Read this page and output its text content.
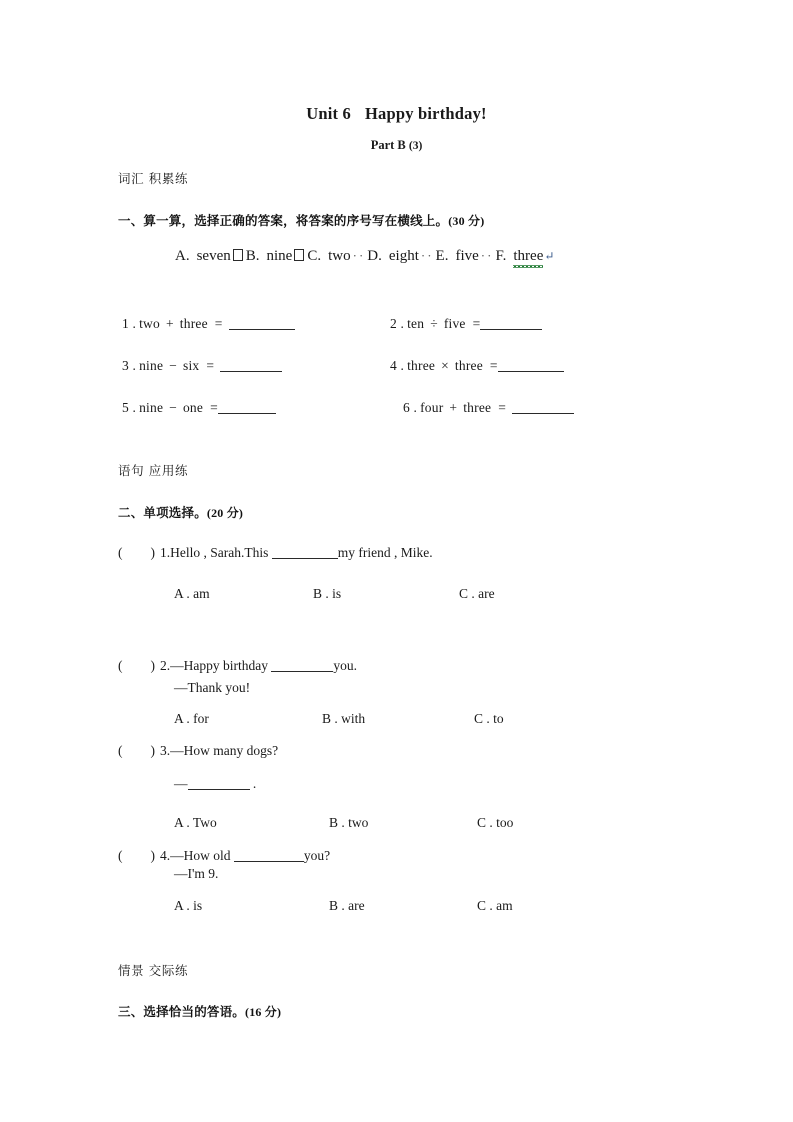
Unit 6 Happy birthday!
Part B (3)
词汇 积累练
一、算一算，选择正确的答案，将答案的序号写在横线上。(30 分)
A. seven B. nine C. two ·· D. eight ·· E. five ·· F. three↵
1 . two + three =	2 . ten ÷ five =
3 . nine − six =	4 . three × three =
5 . nine − one =	6 . four + three =
语句 应用练
二、单项选择。(20 分)
( ) 1.Hello , Sarah.This	my friend , Mike.
A . am	B . is	C . are
( ) 2.—Happy birthday	you.
—Thank you!
A . for	B . with	C . to
( ) 3.—How many dogs?
—	.
A . Two	B . two	C . too
( ) 4.—How old	you?
—I'm 9.
A . is	B . are	C . am
情景 交际练
三、选择恰当的答语。(16 分)
